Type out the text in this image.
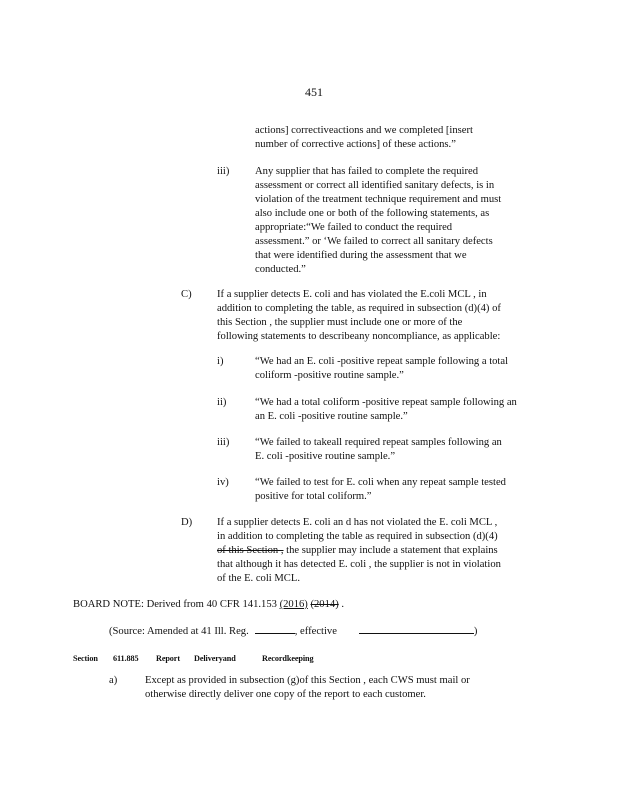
451
actions] correctiveactions and we completed [insert
number of corrective actions] of these actions.”
iii) Any supplier that has failed to complete the required
assessment or correct all identified sanitary defects, is in
violation of the treatment technique requirement and must
also include one or both of the following statements, as
appropriate:“We failed to conduct the required
assessment.” or ‘We failed to correct all sanitary defects
that were identified during the assessment that we
conducted.”
C) If a supplier detects E. coli and has violated the E.coli MCL , in
addition to completing the table, as required in subsection (d)(4) of
this Section , the supplier must include one or more of the
following statements to describeany noncompliance, as applicable:
i)	“We had an E. coli -positive repeat sample following a total
coliform -positive routine sample.”
ii)	“We had a total coliform -positive repeat sample following an
an E. coli -positive routine sample.”
iii) “We failed to takeall required repeat samples following an
E. coli -positive routine sample.”
iv) “We failed to test for E. coli when any repeat sample tested
positive for total coliform.”
D) If a supplier detects E. coli an d has not violated the E. coli MCL ,
in addition to completing the table as required in subsection (d)(4)
of this Section , the supplier may include a statement that explains
that although it has detected E. coli , the supplier is not in violation
of the E. coli MCL.
BOARD NOTE: Derived from 40 CFR 141.153 (2016) (2014) .
(Source: Amended at 41 Ill. Reg.	, effective	)
Section 611.885 Report Deliveryand	Recordkeeping
a)	Except as provided in subsection (g)of this Section , each CWS must mail or
otherwise directly deliver one copy of the report to each customer.
